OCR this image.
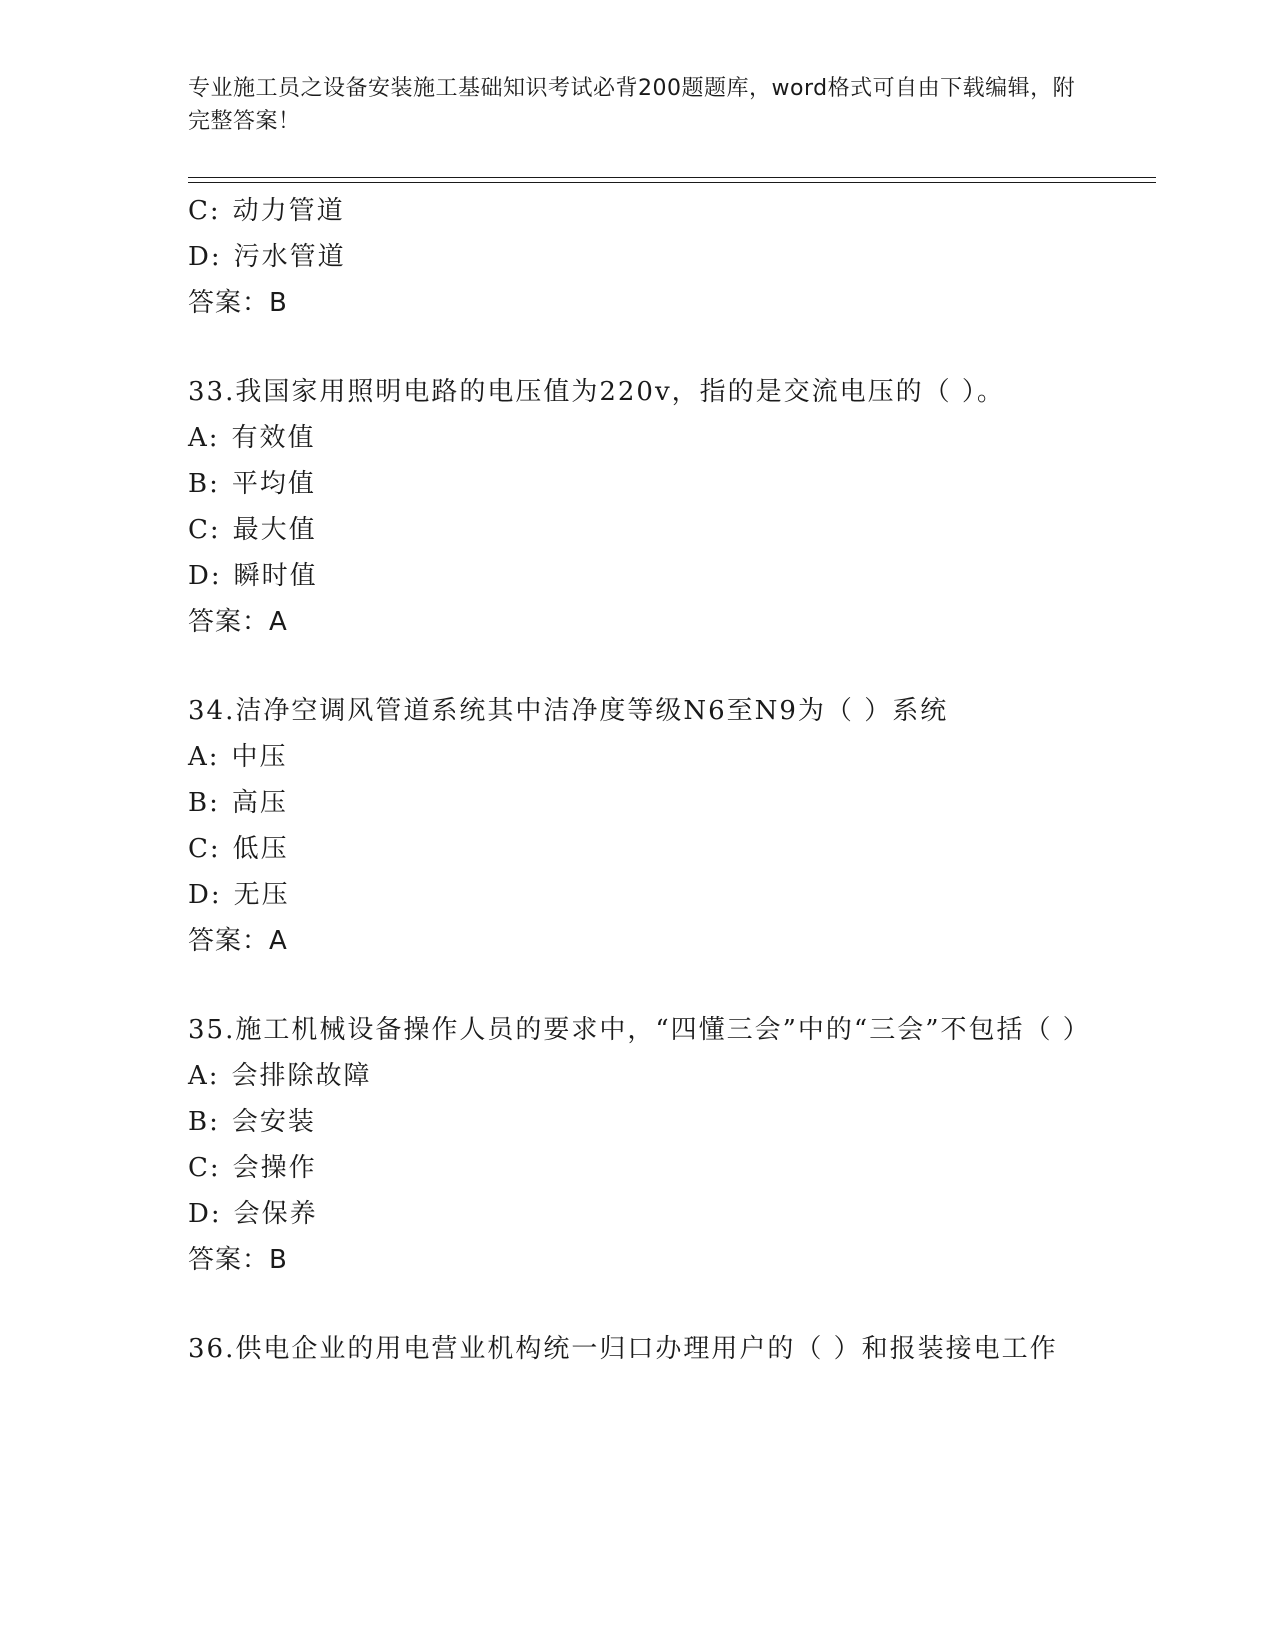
专业施工员之设备安装施工基础知识考试必背200题题库，word格式可自由下载编辑，附完整答案！
C: 动力管道
D: 污水管道
答案：B
33.我国家用照明电路的电压值为220v，指的是交流电压的（ ）。
A: 有效值
B: 平均值
C: 最大值
D: 瞬时值
答案：A
34.洁净空调风管道系统其中洁净度等级N6至N9为（ ）系统
A: 中压
B: 高压
C: 低压
D: 无压
答案：A
35.施工机械设备操作人员的要求中，“四懂三会”中的“三会”不包括（ ）
A: 会排除故障
B: 会安装
C: 会操作
D: 会保养
答案：B
36.供电企业的用电营业机构统一归口办理用户的（ ）和报装接电工作
